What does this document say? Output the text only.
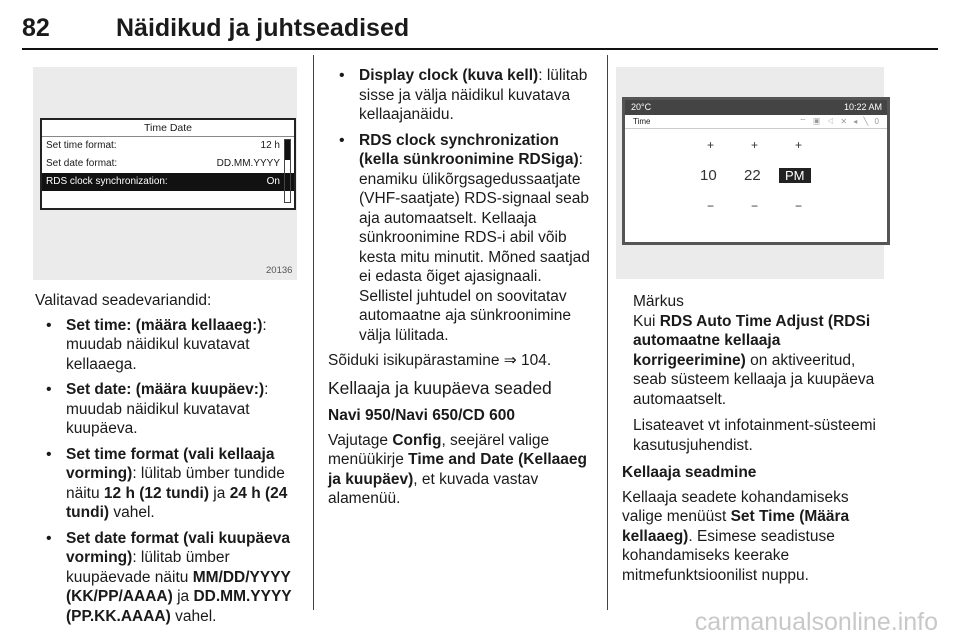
82	Näidikud ja juhtseadised
Time Date
Set time format:	12 h
Set date format:	DD.MM.YYYY
RDS clock synchronization:	On
20136

Valitavad seadevariandid:

• Set time: (määra kellaaeg:): muudab näidikul kuvatavat kellaaega.
• Set date: (määra kuupäev:): muudab näidikul kuvatavat kuupäeva.
• Set time format (vali kellaaja vorming): lülitab ümber tundide näitu 12 h (12 tundi) ja 24 h (24 tundi) vahel.
• Set date format (vali kuupäeva vorming): lülitab ümber kuupäevade näitu MM/DD/YYYY (KK/PP/AAAA) ja DD.MM.YYYY (PP.KK.AAAA) vahel.
• Display clock (kuva kell): lülitab sisse ja välja näidikul kuvatava kellaajanäidu.
• RDS clock synchronization (kella sünkroonimine RDSiga): enamiku ülikõrgsagedussaatjate (VHF-saatjate) RDS-signaal seab aja automaatselt. Kellaaja sünkroonimine RDS-i abil võib kesta mitu minutit. Mõned saatjad ei edasta õiget ajasignaali. Sellistel juhtudel on soovitatav automaatne aja sünkroonimine välja lülitada.

Sõiduki isikupärastamine ⇒ 104.

Kellaaja ja kuupäeva seaded

Navi 950/Navi 650/CD 600

Vajutage Config, seejärel valige menüükirje Time and Date (Kellaaeg ja kuupäev), et kuvada vastav alamenüü.

20°C	10:22 AM
Time	⌔ ▣ ◁ ✕ ◂ ╲ 0
+	+	+
10 22	PM
−	−	−

Märkus

Kui RDS Auto Time Adjust (RDSi automaatne kellaaja korrigeerimine) on aktiveeritud, seab süsteem kellaaja ja kuupäeva automaatselt.

Lisateavet vt infotainment-süsteemi kasutusjuhendist.

Kellaaja seadmine

Kellaaja seadete kohandamiseks valige menüüst Set Time (Määra kellaaeg). Esimese seadistuse kohandamiseks keerake mitmefunktsioonilist nuppu.

carmanualsonline.info
